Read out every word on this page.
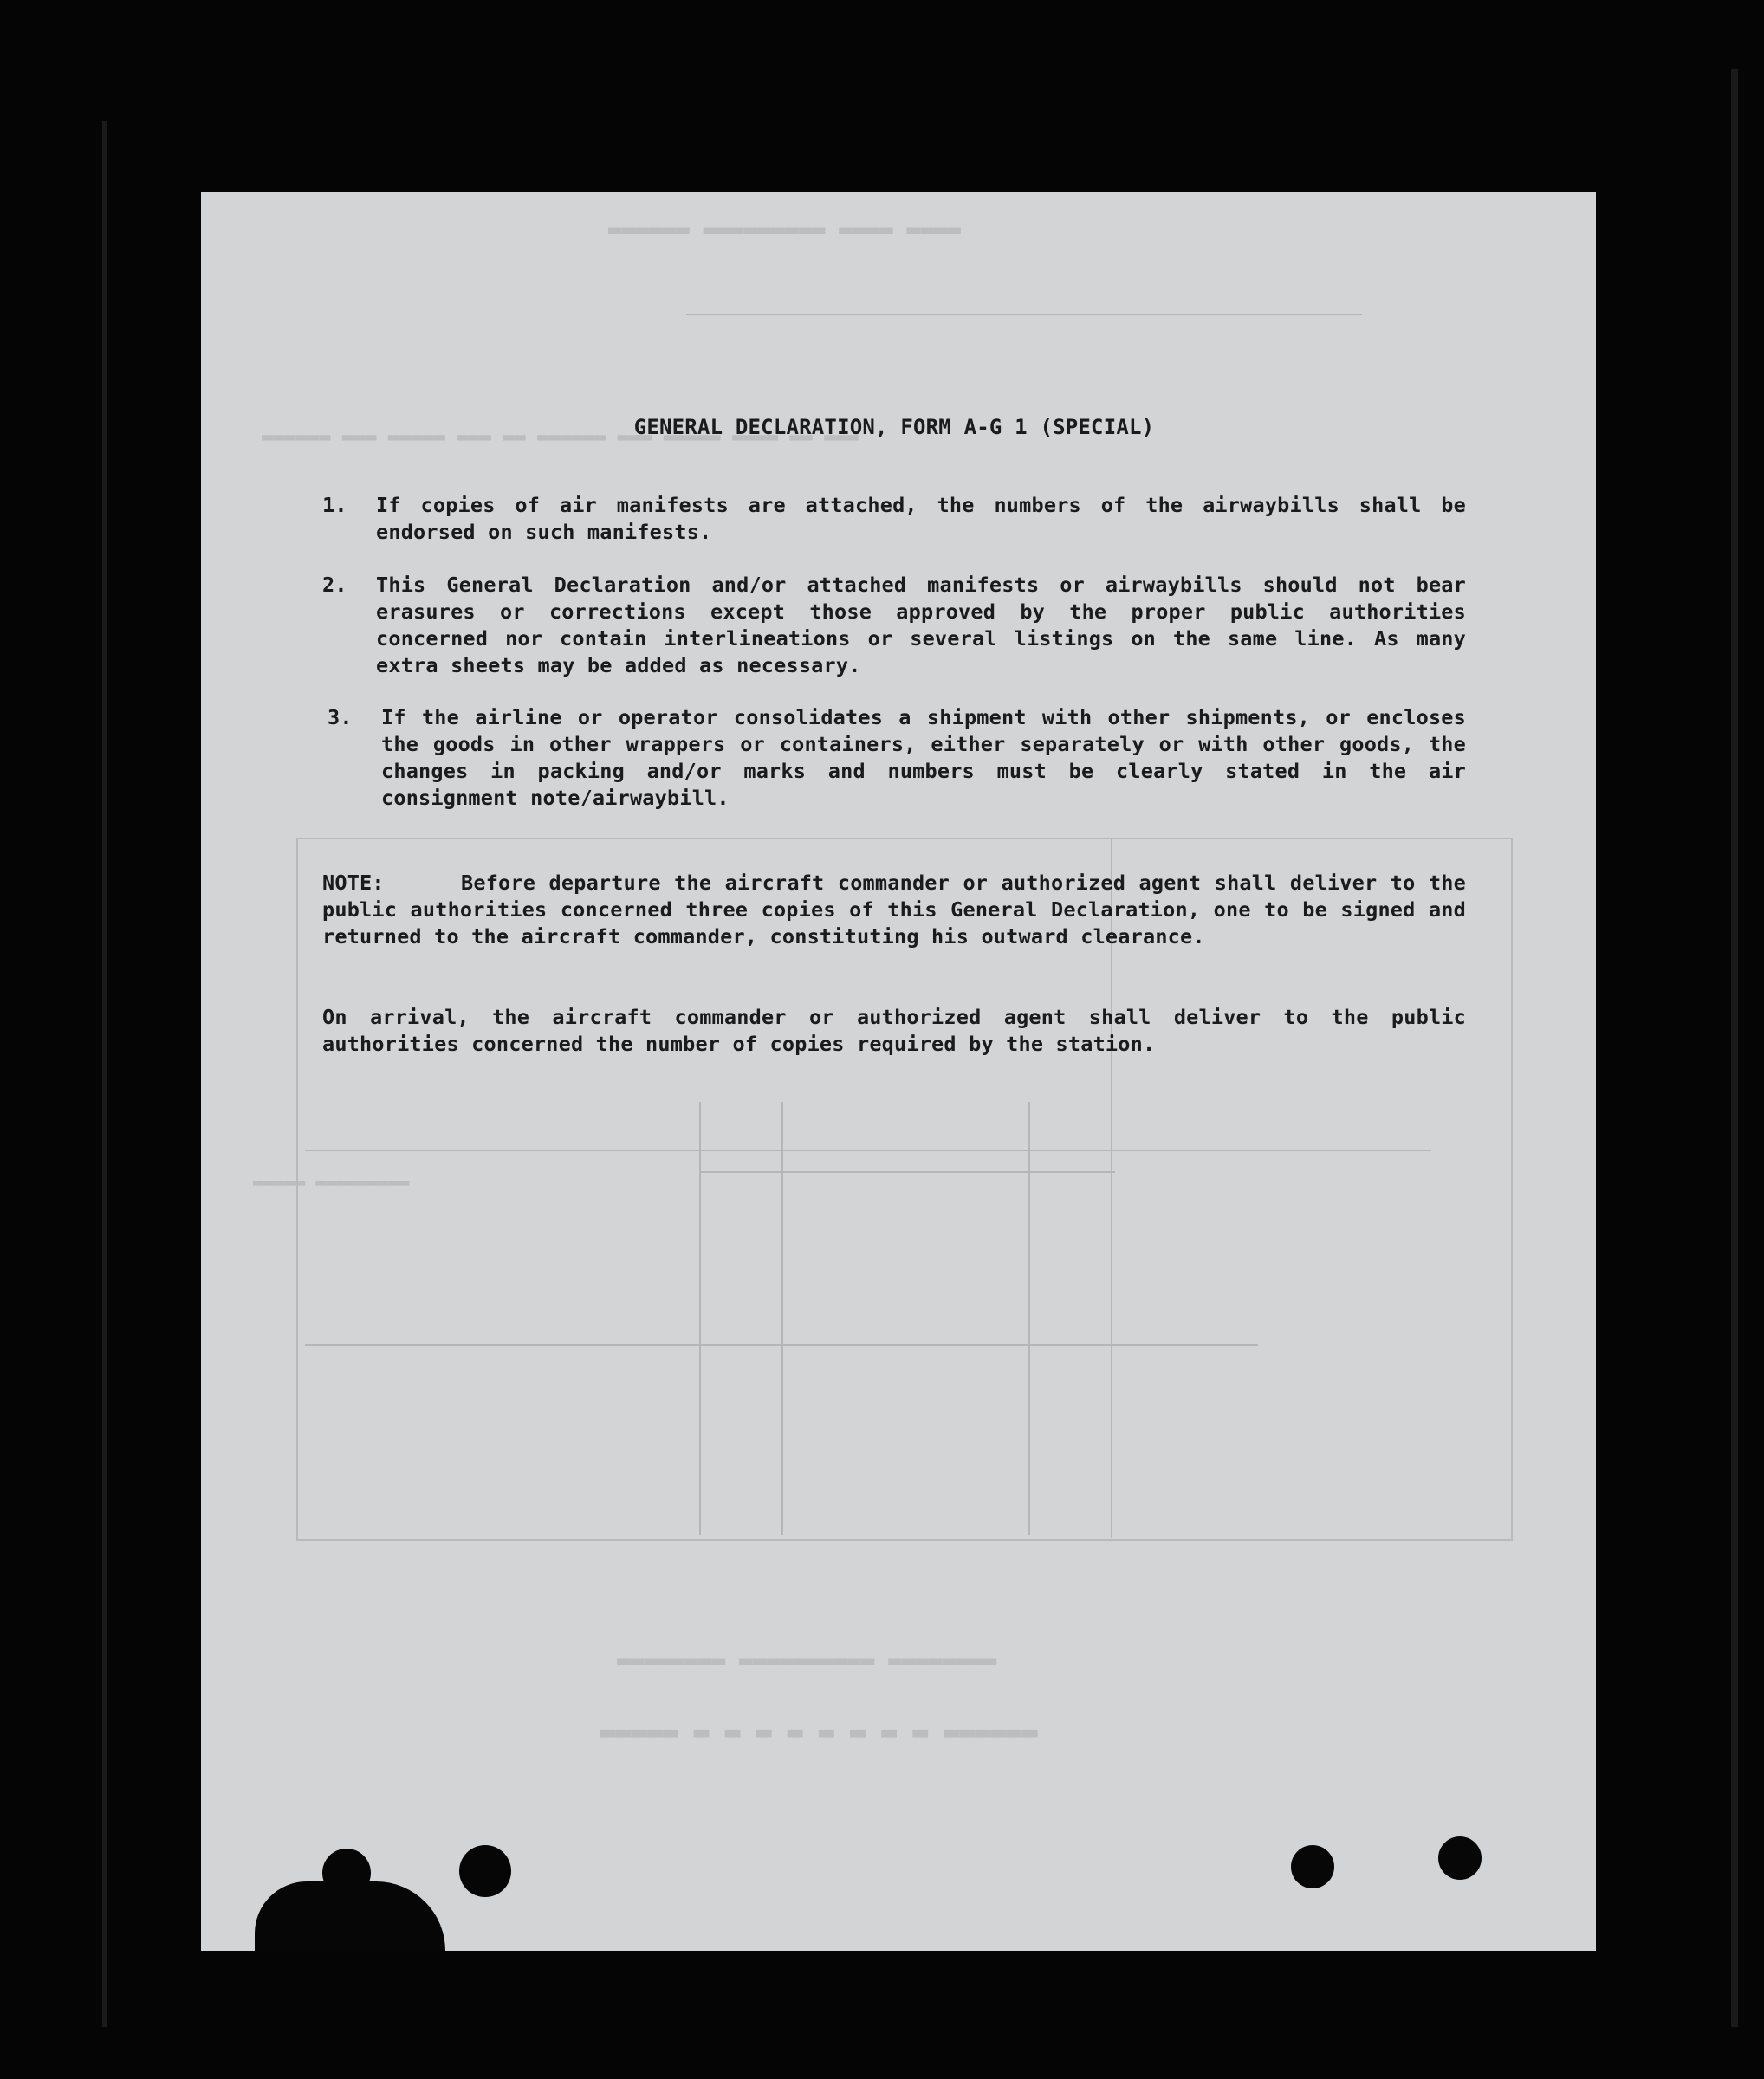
▬▬▬▬ ▬▬▬▬ ▬▬▬▬▬▬▬▬▬ ▬▬▬▬▬▬
▬▬▬ ▬▬ ▬▬▬▬ ▬▬▬▬▬ ▬▬▬ ▬▬▬▬▬▬ ▬▬ ▬▬▬ ▬▬▬▬▬ ▬▬▬ ▬▬▬▬▬▬
▬▬▬▬▬▬▬▬▬ ▬▬▬▬▬
▬▬▬▬▬▬▬▬ ▬▬▬▬▬▬▬▬▬▬ ▬▬▬▬▬▬▬▬
▬▬▬▬▬▬ ▬ ▬ ▬ ▬ ▬ ▬ ▬ ▬ ▬▬▬▬▬
GENERAL DECLARATION, FORM A-G 1 (SPECIAL)
1.	If copies of air manifests are attached, the numbers of the airwaybills shall be endorsed on such manifests.
2.	This General Declaration and/or attached manifests or airwaybills should not bear erasures or corrections except those approved by the proper public authorities concerned nor contain interlineations or several listings on the same line. As many extra sheets may be added as necessary.
3.	If the airline or operator consolidates a shipment with other shipments, or encloses the goods in other wrappers or containers, either separately or with other goods, the changes in packing and/or marks and numbers must be clearly stated in the air consignment note/airwaybill.
NOTE:	Before departure the aircraft commander or authorized agent shall deliver to the public authorities concerned three copies of this General Declaration, one to be signed and returned to the aircraft commander, constituting his outward clearance.
On arrival, the aircraft commander or authorized agent shall deliver to the public authorities concerned the number of copies required by the station.
